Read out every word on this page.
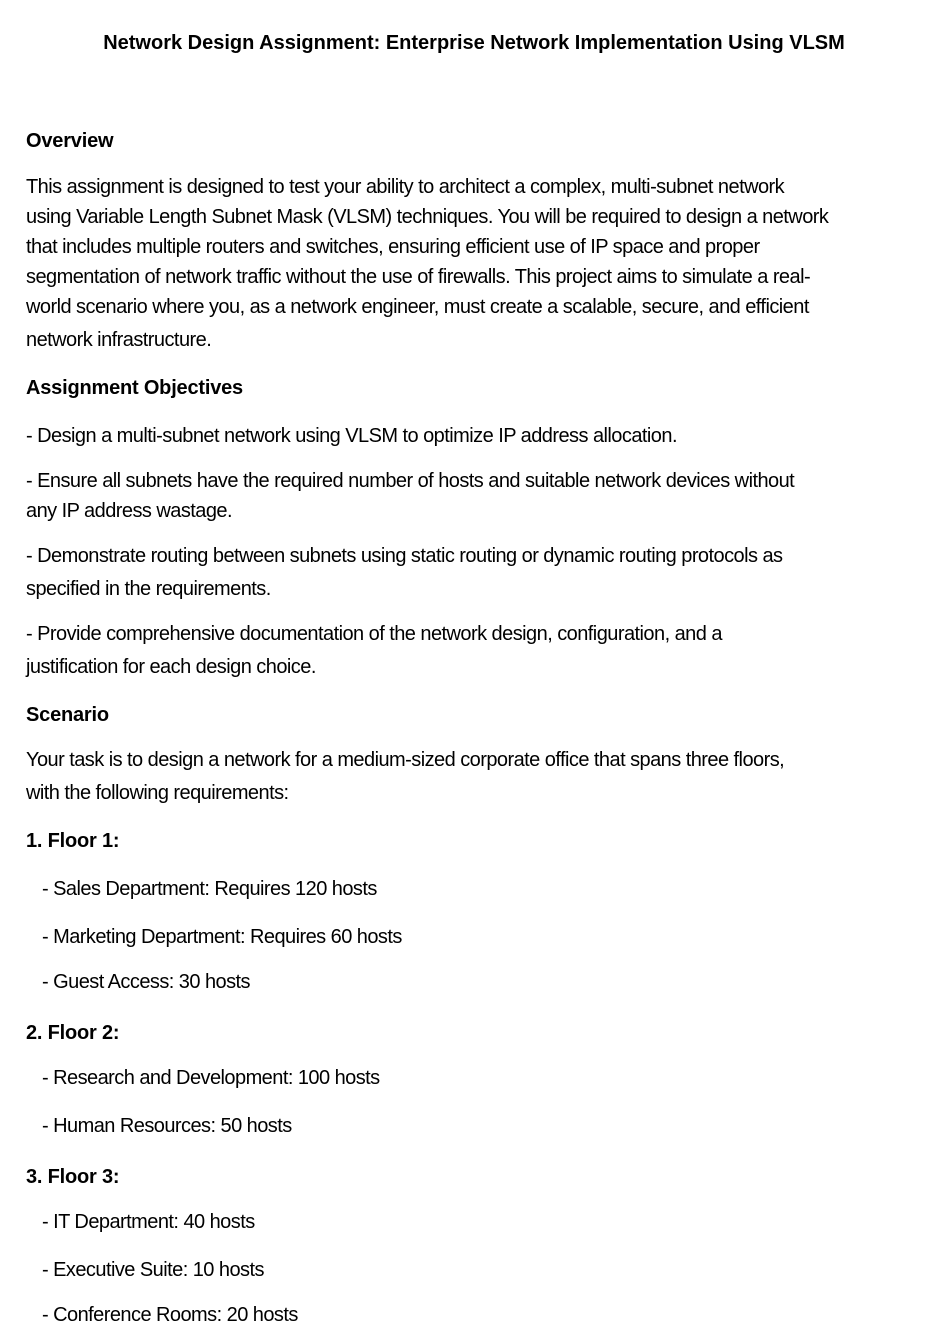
Network Design Assignment: Enterprise Network Implementation Using VLSM
Overview
This assignment is designed to test your ability to architect a complex, multi-subnet network
using Variable Length Subnet Mask (VLSM) techniques. You will be required to design a network
that includes multiple routers and switches, ensuring efficient use of IP space and proper
segmentation of network traffic without the use of firewalls. This project aims to simulate a real-
world scenario where you, as a network engineer, must create a scalable, secure, and efficient
network infrastructure.
Assignment Objectives
- Design a multi-subnet network using VLSM to optimize IP address allocation.
- Ensure all subnets have the required number of hosts and suitable network devices without
any IP address wastage.
- Demonstrate routing between subnets using static routing or dynamic routing protocols as
specified in the requirements.
- Provide comprehensive documentation of the network design, configuration, and a
justification for each design choice.
Scenario
Your task is to design a network for a medium-sized corporate office that spans three floors,
with the following requirements:
1. Floor 1:
- Sales Department: Requires 120 hosts
- Marketing Department: Requires 60 hosts
- Guest Access: 30 hosts
2. Floor 2:
- Research and Development: 100 hosts
- Human Resources: 50 hosts
3. Floor 3:
- IT Department: 40 hosts
- Executive Suite: 10 hosts
- Conference Rooms: 20 hosts
